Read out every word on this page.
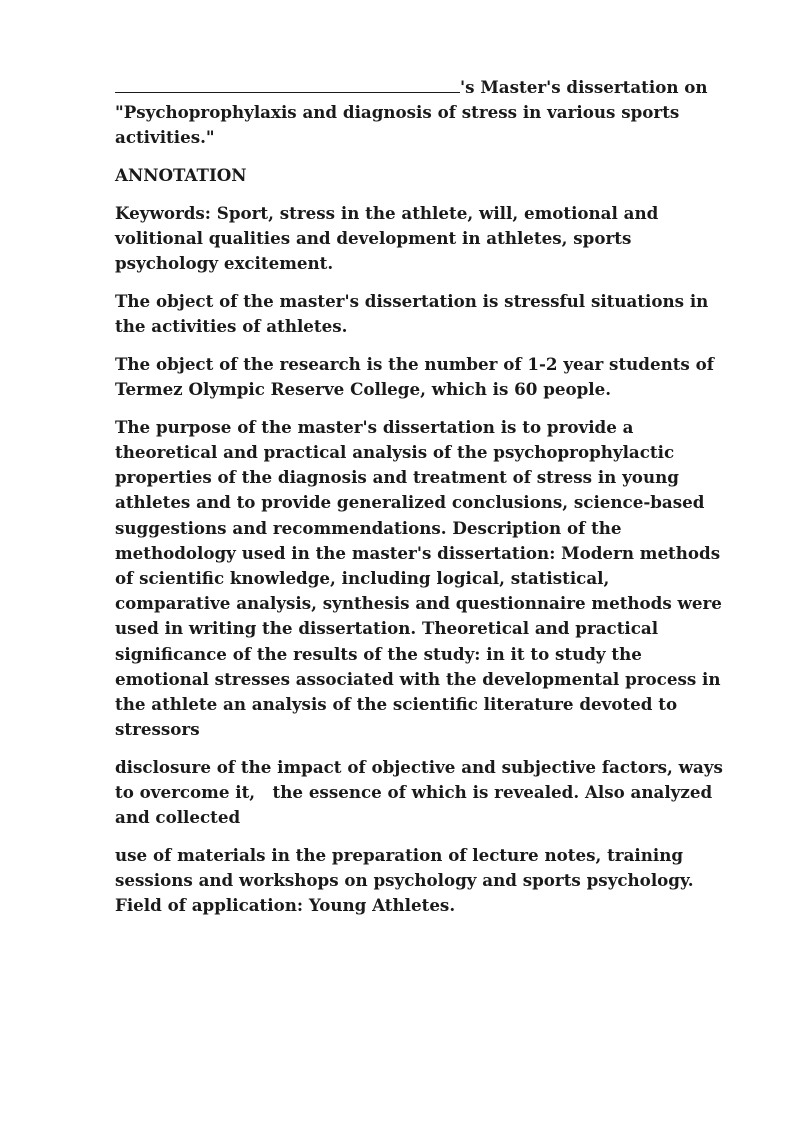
's Master's dissertation on "Psychoprophylaxis and diagnosis of stress in various sports activities."

ANNOTATION

Keywords: Sport, stress in the athlete, will, emotional and volitional qualities and development in athletes, sports psychology excitement.

The object of the master's dissertation is stressful situations in the activities of athletes.

The object of the research is the number of 1-2 year students of Termez Olympic Reserve College, which is 60 people.

The purpose of the master's dissertation is to provide a theoretical and practical analysis of the psychoprophylactic properties of the diagnosis and treatment of stress in young athletes and to provide generalized conclusions, science-based suggestions and recommendations. Description of the methodology used in the master's dissertation: Modern methods of scientific knowledge, including logical, statistical, comparative analysis, synthesis and questionnaire methods were used in writing the dissertation. Theoretical and practical significance of the results of the study: in it to study the emotional stresses associated with the developmental process in the athlete an analysis of the scientific literature devoted to stressors

disclosure of the impact of objective and subjective factors, ways to overcome it,   the essence of which is revealed. Also analyzed and collected

use of materials in the preparation of lecture notes, training sessions and workshops on psychology and sports psychology. Field of application: Young Athletes.
